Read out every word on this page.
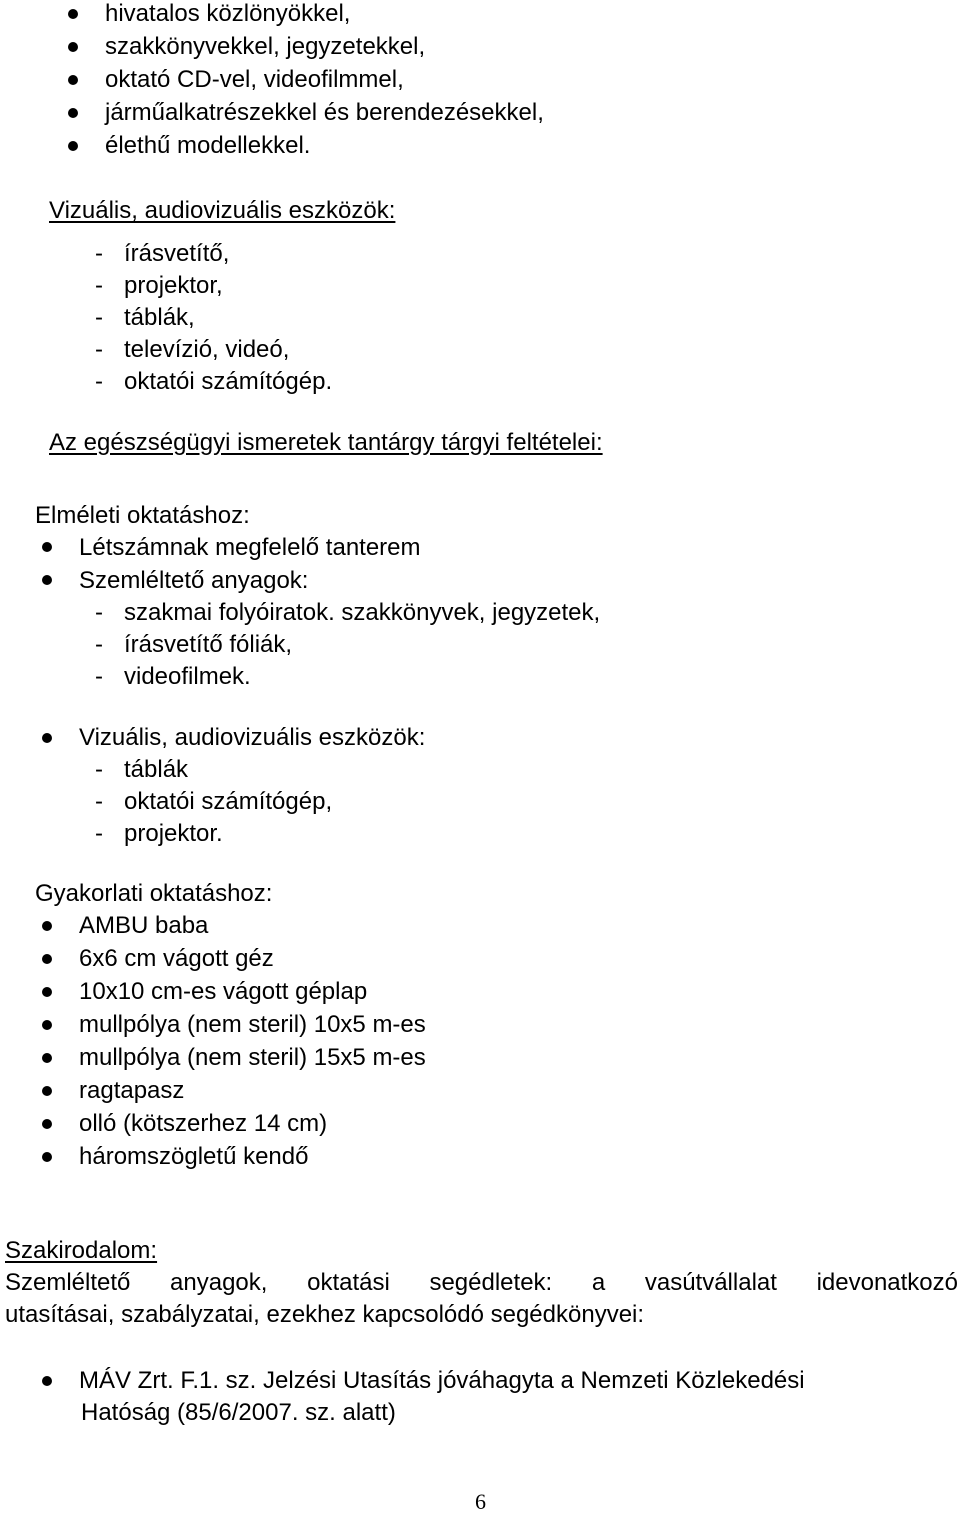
hivatalos közlönyökkel,
szakkönyvekkel, jegyzetekkel,
oktató CD-vel, videofilmmel,
járműalkatrészekkel és berendezésekkel,
élethű modellekkel.
Vizuális, audiovizuális eszközök:
- írásvetítő,
- projektor,
- táblák,
- televízió, videó,
- oktatói számítógép.
Az egészségügyi ismeretek tantárgy tárgyi feltételei:
Elméleti oktatáshoz:
Létszámnak megfelelő tanterem
Szemléltető anyagok:
- szakmai folyóiratok. szakkönyvek, jegyzetek,
- írásvetítő fóliák,
- videofilmek.
Vizuális, audiovizuális eszközök:
- táblák
- oktatói számítógép,
- projektor.
Gyakorlati oktatáshoz:
AMBU baba
6x6 cm vágott géz
10x10 cm-es vágott géplap
mullpólya (nem steril) 10x5 m-es
mullpólya (nem steril) 15x5 m-es
ragtapasz
olló (kötszerhez 14 cm)
háromszögletű kendő
Szakirodalom:
Szemléltető anyagok, oktatási segédletek: a vasútvállalat idevonatkozó
utasításai, szabályzatai, ezekhez kapcsolódó segédkönyvei:
MÁV Zrt. F.1. sz. Jelzési Utasítás jóváhagyta a Nemzeti Közlekedési
Hatóság (85/6/2007. sz. alatt)
6
